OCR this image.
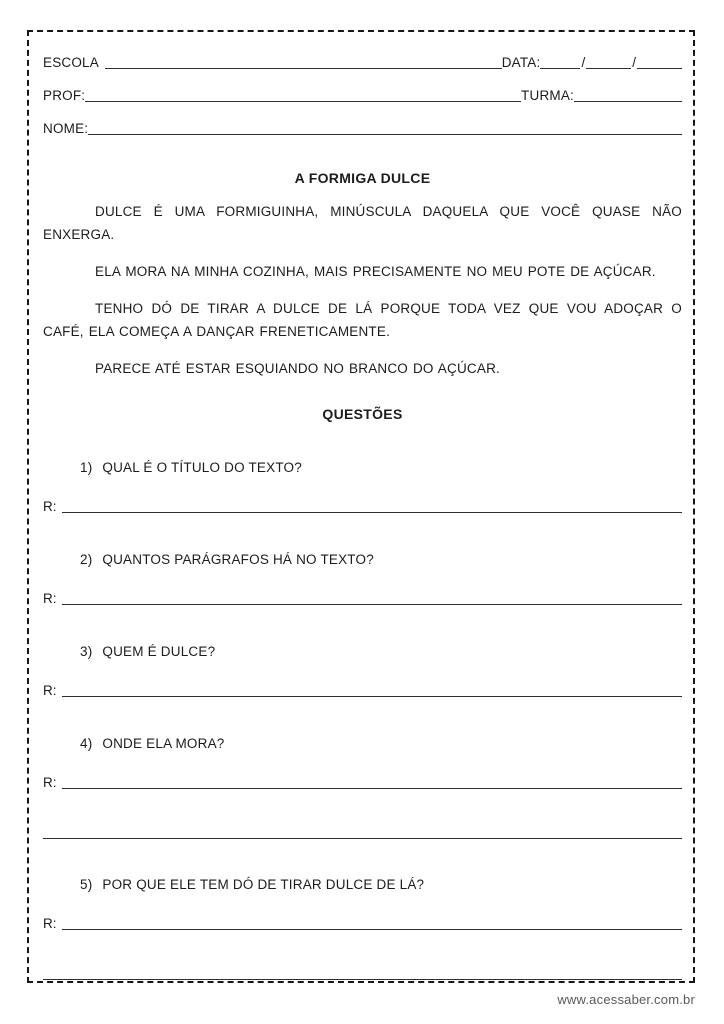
ESCOLA	DATA:	/	/
PROF:	TURMA:
NOME:
A FORMIGA DULCE

DULCE É UMA FORMIGUINHA, MINÚSCULA DAQUELA QUE VOCÊ QUASE NÃO ENXERGA.

ELA MORA NA MINHA COZINHA, MAIS PRECISAMENTE NO MEU POTE DE AÇÚCAR.

TENHO DÓ DE TIRAR A DULCE DE LÁ PORQUE TODA VEZ QUE VOU ADOÇAR O CAFÉ, ELA COMEÇA A DANÇAR FRENETICAMENTE.

PARECE ATÉ ESTAR ESQUIANDO NO BRANCO DO AÇÚCAR.

QUESTÕES
1) QUAL É O TÍTULO DO TEXTO?
R:
2) QUANTOS PARÁGRAFOS HÁ NO TEXTO?
R:
3) QUEM É DULCE?
R:
4) ONDE ELA MORA?
R:
5) POR QUE ELE TEM DÓ DE TIRAR DULCE DE LÁ?
R:
www.acessaber.com.br
